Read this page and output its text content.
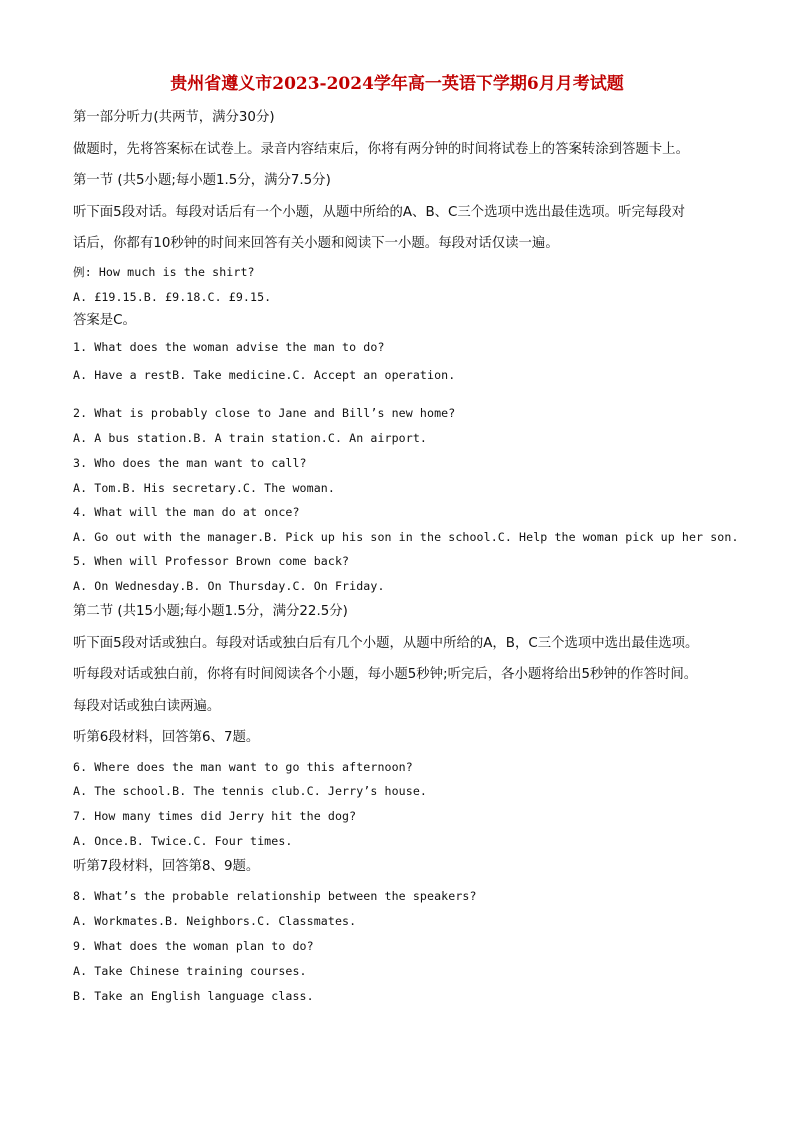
贵州省遵义市2023-2024学年高一英语下学期6月月考试题
第一部分听力(共两节，满分30分)
做题时，先将答案标在试卷上。录音内容结束后，你将有两分钟的时间将试卷上的答案转涂到答题卡上。
第一节 (共5小题;每小题1.5分，满分7.5分)
听下面5段对话。每段对话后有一个小题，从题中所给的A、B、C三个选项中选出最佳选项。听完每段对
话后，你都有10秒钟的时间来回答有关小题和阅读下一小题。每段对话仅读一遍。
例: How much is the shirt?
A. £19.15.B. £9.18.C. £9.15.
答案是C。
1. What does the woman advise the man to do?
A. Have a restB. Take medicine.C. Accept an operation.
2. What is probably close to Jane and Bill’s new home?
A. A bus station.B. A train station.C. An airport.
3. Who does the man want to call?
A. Tom.B. His secretary.C. The woman.
4. What will the man do at once?
A. Go out with the manager.B. Pick up his son in the school.C. Help the woman pick up her son.
5. When will Professor Brown come back?
A. On Wednesday.B. On Thursday.C. On Friday.
第二节 (共15小题;每小题1.5分，满分22.5分)
听下面5段对话或独白。每段对话或独白后有几个小题，从题中所给的A，B，C三个选项中选出最佳选项。
听每段对话或独白前，你将有时间阅读各个小题，每小题5秒钟;听完后，各小题将给出5秒钟的作答时间。
每段对话或独白读两遍。
听第6段材料，回答第6、7题。
6. Where does the man want to go this afternoon?
A. The school.B. The tennis club.C. Jerry’s house.
7. How many times did Jerry hit the dog?
A. Once.B. Twice.C. Four times.
听第7段材料，回答第8、9题。
8. What’s the probable relationship between the speakers?
A. Workmates.B. Neighbors.C. Classmates.
9. What does the woman plan to do?
A. Take Chinese training courses.
B. Take an English language class.
